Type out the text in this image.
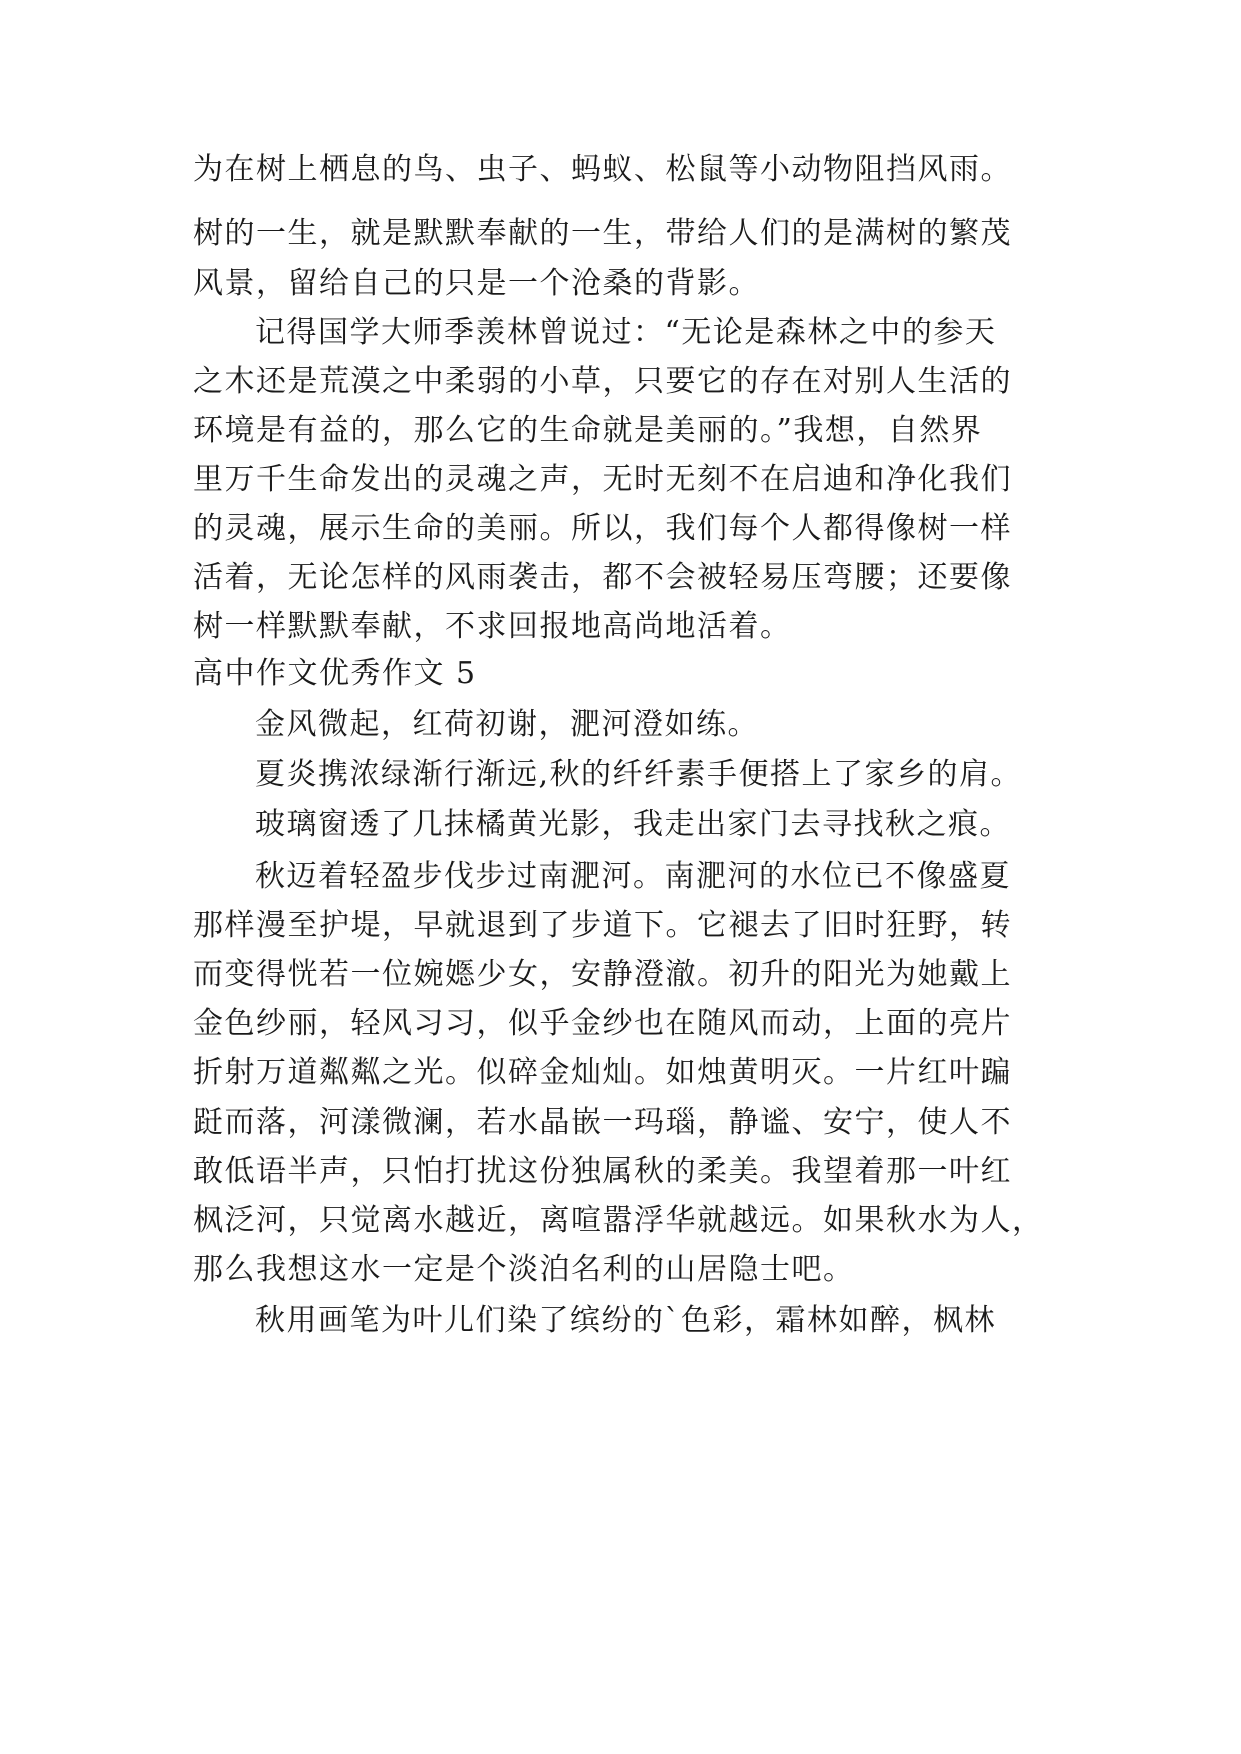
为在树上栖息的鸟、虫子、蚂蚁、松鼠等小动物阻挡风雨。
树的一生，就是默默奉献的一生，带给人们的是满树的繁茂
风景，留给自己的只是一个沧桑的背影。
记得国学大师季羡林曾说过：“无论是森林之中的参天
之木还是荒漠之中柔弱的小草，只要它的存在对别人生活的
环境是有益的，那么它的生命就是美丽的。”我想，自然界
里万千生命发出的灵魂之声，无时无刻不在启迪和净化我们
的灵魂，展示生命的美丽。所以，我们每个人都得像树一样
活着，无论怎样的风雨袭击，都不会被轻易压弯腰；还要像
树一样默默奉献，不求回报地高尚地活着。
高中作文优秀作文 5
金风微起，红荷初谢，淝河澄如练。
夏炎携浓绿渐行渐远,秋的纤纤素手便搭上了家乡的肩。
玻璃窗透了几抹橘黄光影，我走出家门去寻找秋之痕。
秋迈着轻盈步伐步过南淝河。南淝河的水位已不像盛夏
那样漫至护堤，早就退到了步道下。它褪去了旧时狂野，转
而变得恍若一位婉嫕少女，安静澄澈。初升的阳光为她戴上
金色纱丽，轻风习习，似乎金纱也在随风而动，上面的亮片
折射万道粼粼之光。似碎金灿灿。如烛黄明灭。一片红叶蹁
跹而落，河漾微澜，若水晶嵌一玛瑙，静谧、安宁，使人不
敢低语半声，只怕打扰这份独属秋的柔美。我望着那一叶红
枫泛河，只觉离水越近，离喧嚣浮华就越远。如果秋水为人，
那么我想这水一定是个淡泊名利的山居隐士吧。
秋用画笔为叶儿们染了缤纷的`色彩，霜林如醉，枫林
